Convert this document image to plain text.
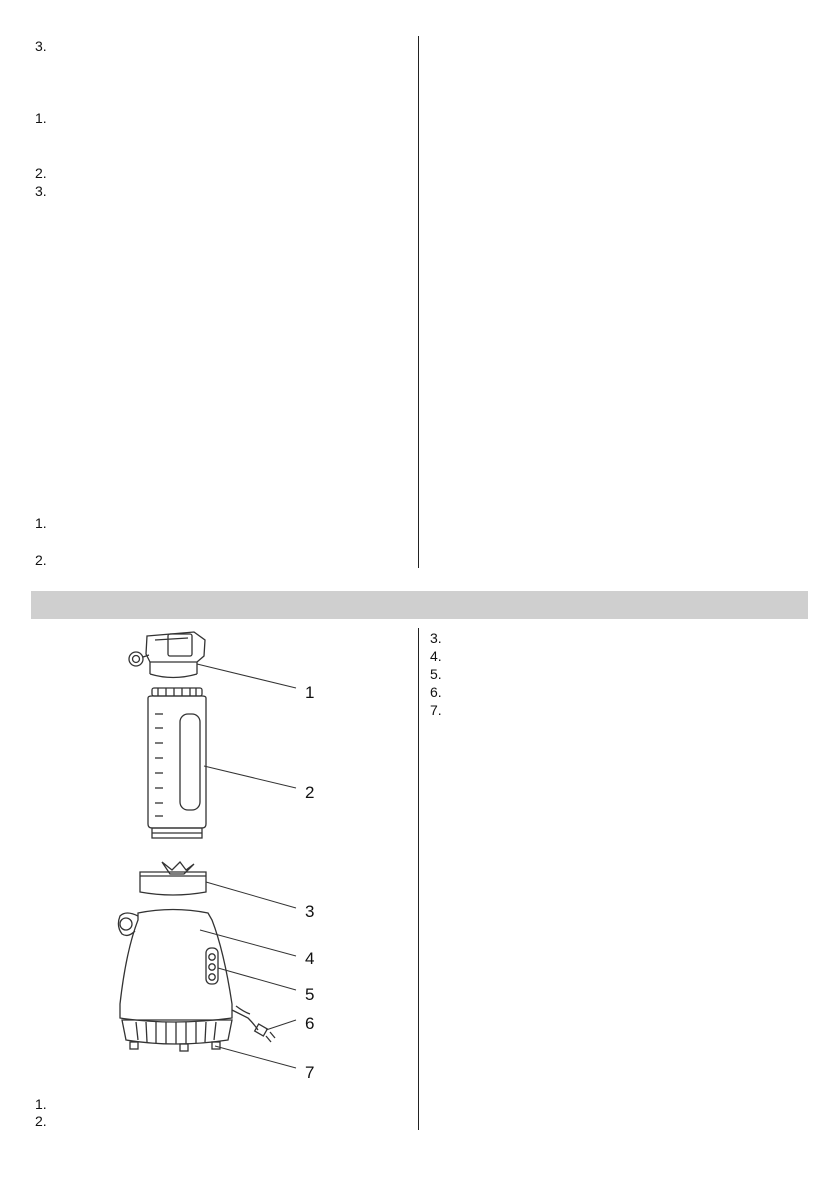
3.
1.
2.
3.
1.
2.
1
2
3
4
5
6
7
1.
2.
3.
4.
5.
6.
7.
